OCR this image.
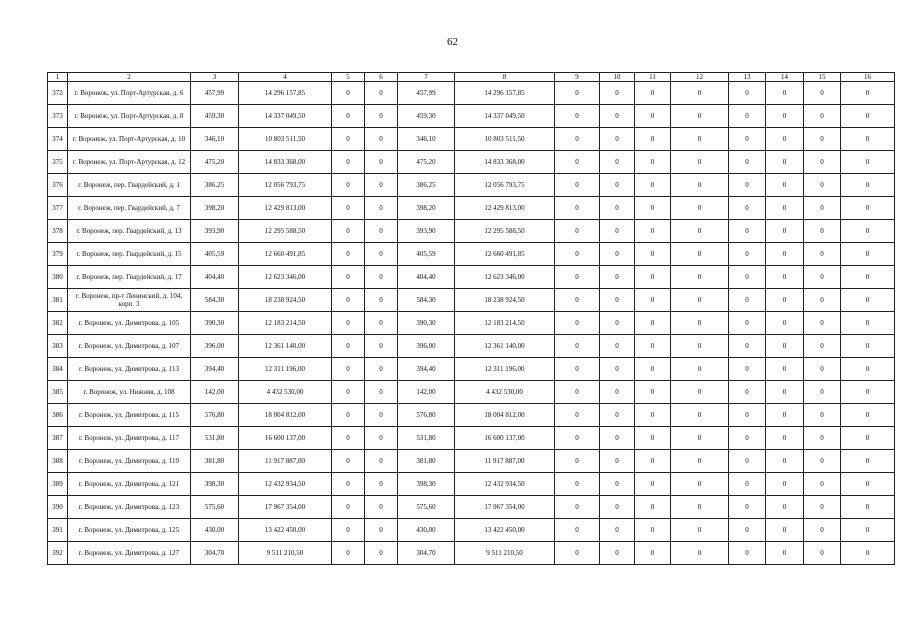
62
1	2	3	4	5	6	7	8	9	10	11	12	13	14	15	16
372	г. Воронеж, ул. Порт-Артурская, д. 6	457,99	14 296 157,85	0	0	457,99	14 296 157,85	0	0	0	0	0	0	0	0
373	г. Воронеж, ул. Порт-Артурская, д. 8	459,30	14 337 049,50	0	0	459,30	14 337 049,50	0	0	0	0	0	0	0	0
374	г. Воронеж, ул. Порт-Артурская, д. 10	346,10	10 803 511,50	0	0	346,10	10 803 511,50	0	0	0	0	0	0	0	0
375	г. Воронеж, ул. Порт-Артурская, д. 12	475,20	14 833 368,00	0	0	475,20	14 833 368,00	0	0	0	0	0	0	0	0
376	г. Воронеж, пер. Гвардейский, д. 1	386,25	12 056 793,75	0	0	386,25	12 056 793,75	0	0	0	0	0	0	0	0
377	г. Воронеж, пер. Гвардейский, д. 7	398,20	12 429 813,00	0	0	398,20	12 429 813,00	0	0	0	0	0	0	0	0
378	г. Воронеж, пер. Гвардейский, д. 13	393,90	12 295 588,50	0	0	393,90	12 295 588,50	0	0	0	0	0	0	0	0
379	г. Воронеж, пер. Гвардейский, д. 15	405,59	12 660 491,85	0	0	405,59	12 660 491,85	0	0	0	0	0	0	0	0
380	г. Воронеж, пер. Гвардейский, д. 17	404,40	12 623 346,00	0	0	404,40	12 623 346,00	0	0	0	0	0	0	0	0
381	г. Воронеж, пр-т Ленинский, д. 104, корп. 3	584,30	18 238 924,50	0	0	584,30	18 238 924,50	0	0	0	0	0	0	0	0
382	г. Воронеж, ул. Димитрова, д. 105	390,30	12 183 214,50	0	0	390,30	12 183 214,50	0	0	0	0	0	0	0	0
383	г. Воронеж, ул. Димитрова, д. 107	396,00	12 361 140,00	0	0	396,00	12 361 140,00	0	0	0	0	0	0	0	0
384	г. Воронеж, ул. Димитрова, д. 113	394,40	12 311 196,00	0	0	394,40	12 311 196,00	0	0	0	0	0	0	0	0
385	г. Воронеж, ул. Нижняя, д. 108	142,00	4 432 530,00	0	0	142,00	4 432 530,00	0	0	0	0	0	0	0	0
386	г. Воронеж, ул. Димитрова, д. 115	576,80	18 004 812,00	0	0	576,80	18 004 812,00	0	0	0	0	0	0	0	0
387	г. Воронеж, ул. Димитрова, д. 117	531,80	16 600 137,00	0	0	531,80	16 600 137,00	0	0	0	0	0	0	0	0
388	г. Воронеж, ул. Димитрова, д. 119	381,80	11 917 887,00	0	0	381,80	11 917 887,00	0	0	0	0	0	0	0	0
389	г. Воронеж, ул. Димитрова, д. 121	398,30	12 432 934,50	0	0	398,30	12 432 934,50	0	0	0	0	0	0	0	0
390	г. Воронеж, ул. Димитрова, д. 123	575,60	17 967 354,00	0	0	575,60	17 967 354,00	0	0	0	0	0	0	0	0
391	г. Воронеж, ул. Димитрова, д. 125	430,00	13 422 450,00	0	0	430,00	13 422 450,00	0	0	0	0	0	0	0	0
392	г. Воронеж, ул. Димитрова, д. 127	304,70	9 511 210,50	0	0	304,70	9 511 210,50	0	0	0	0	0	0	0	0
